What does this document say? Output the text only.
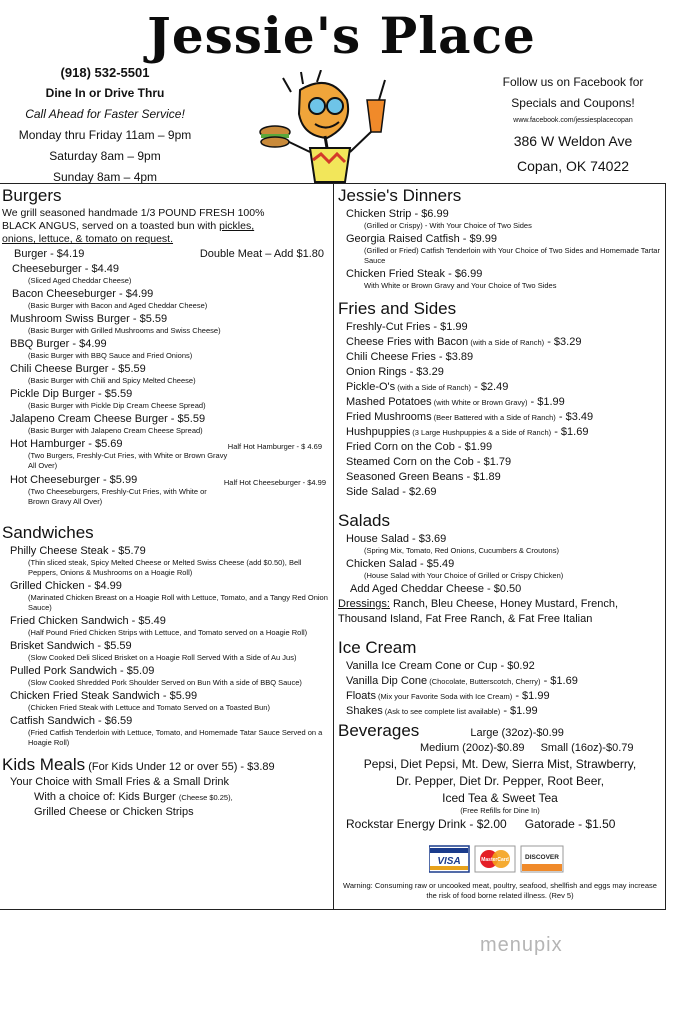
Jessie's Place
(918) 532-5501
Dine In or Drive Thru
Call Ahead for Faster Service!
Monday thru Friday 11am – 9pm
Saturday 8am – 9pm
Sunday 8am – 4pm
Follow us on Facebook for
Specials and Coupons!
www.facebook.com/jessiesplacecopan
386 W Weldon Ave
Copan, OK 74022
Burgers
We grill seasoned handmade 1/3 POUND FRESH 100%
BLACK ANGUS, served on a toasted bun with pickles,
onions, lettuce, & tomato on request.
Burger - $4.19	Double Meat – Add $1.80
Cheeseburger - $4.49
(Sliced Aged Cheddar Cheese)
Bacon Cheeseburger - $4.99
(Basic Burger with Bacon and Aged Cheddar Cheese)
Mushroom Swiss Burger - $5.59
(Basic Burger with Grilled Mushrooms and Swiss Cheese)
BBQ Burger - $4.99
(Basic Burger with BBQ Sauce and Fried Onions)
Chili Cheese Burger - $5.59
(Basic Burger with Chili and Spicy Melted Cheese)
Pickle Dip Burger - $5.59
(Basic Burger with Pickle Dip Cream Cheese Spread)
Jalapeno Cream Cheese Burger - $5.59
(Basic Burger with Jalapeno Cream Cheese Spread)
Hot Hamburger - $5.69	Half Hot Hamburger - $ 4.69
(Two Burgers, Freshly-Cut Fries, with White or Brown Gravy All Over)
Hot Cheeseburger - $5.99	Half Hot Cheeseburger - $4.99
(Two Cheeseburgers, Freshly-Cut Fries, with White or Brown Gravy All Over)
Sandwiches
Philly Cheese Steak - $5.79
(Thin sliced steak, Spicy Melted Cheese or Melted Swiss Cheese (add $0.50), Bell Peppers, Onions & Mushrooms on a Hoagie Roll)
Grilled Chicken - $4.99
(Marinated Chicken Breast on a Hoagie Roll with Lettuce, Tomato, and a Tangy Red Onion Sauce)
Fried Chicken Sandwich - $5.49
(Half Pound Fried Chicken Strips with Lettuce, and Tomato served on a Hoagie Roll)
Brisket Sandwich - $5.59
(Slow Cooked Deli Sliced Brisket on a Hoagie Roll Served With a Side of Au Jus)
Pulled Pork Sandwich - $5.09
(Slow Cooked Shredded Pork Shoulder Served on Bun With a side of BBQ Sauce)
Chicken Fried Steak Sandwich - $5.99
(Chicken Fried Steak with Lettuce and Tomato Served on a Toasted Bun)
Catfish Sandwich - $6.59
(Fried Catfish Tenderloin with Lettuce, Tomato, and Homemade Tatar Sauce Served on a Hoagie Roll)
Kids Meals (For Kids Under 12 or over 55) - $3.89
Your Choice with Small Fries & a Small Drink
With a choice of: Kids Burger (Cheese $0.25),
Grilled Cheese or Chicken Strips
Jessie's Dinners
Chicken Strip - $6.99
(Grilled or Crispy) - With Your Choice of Two Sides
Georgia Raised Catfish - $9.99
(Grilled or Fried) Catfish Tenderloin with Your Choice of Two Sides and Homemade Tartar Sauce
Chicken Fried Steak - $6.99
With White or Brown Gravy and Your Choice of Two Sides
Fries and Sides
Freshly-Cut Fries - $1.99
Cheese Fries with Bacon (with a Side of Ranch) - $3.29
Chili Cheese Fries - $3.89
Onion Rings - $3.29
Pickle-O's (with a Side of Ranch) - $2.49
Mashed Potatoes (with White or Brown Gravy) - $1.99
Fried Mushrooms (Beer Battered with a Side of Ranch) - $3.49
Hushpuppies (3 Large Hushpuppies & a Side of Ranch) - $1.69
Fried Corn on the Cob - $1.99
Steamed Corn on the Cob - $1.79
Seasoned Green Beans - $1.89
Side Salad - $2.69
Salads
House Salad - $3.69
(Spring Mix, Tomato, Red Onions, Cucumbers & Croutons)
Chicken Salad - $5.49
(House Salad with Your Choice of Grilled or Crispy Chicken)
Add Aged Cheddar Cheese - $0.50
Dressings: Ranch, Bleu Cheese, Honey Mustard, French,
Thousand Island, Fat Free Ranch, & Fat Free Italian
Ice Cream
Vanilla Ice Cream Cone or Cup - $0.92
Vanilla Dip Cone (Chocolate, Butterscotch, Cherry) - $1.69
Floats (Mix your Favorite Soda with Ice Cream) - $1.99
Shakes (Ask to see complete list available) - $1.99
Beverages	Large (32oz)-$0.99
Medium (20oz)-$0.89 Small (16oz)-$0.79
Pepsi, Diet Pepsi, Mt. Dew, Sierra Mist, Strawberry,
Dr. Pepper, Diet Dr. Pepper, Root Beer,
Iced Tea & Sweet Tea
(Free Refills for Dine In)
Rockstar Energy Drink - $2.00 Gatorade - $1.50
VISA	MasterCard	DISCOVER
Warning: Consuming raw or uncooked meat, poultry, seafood, shellfish and eggs may increase the risk of food borne related illness. (Rev 5)
menupix
